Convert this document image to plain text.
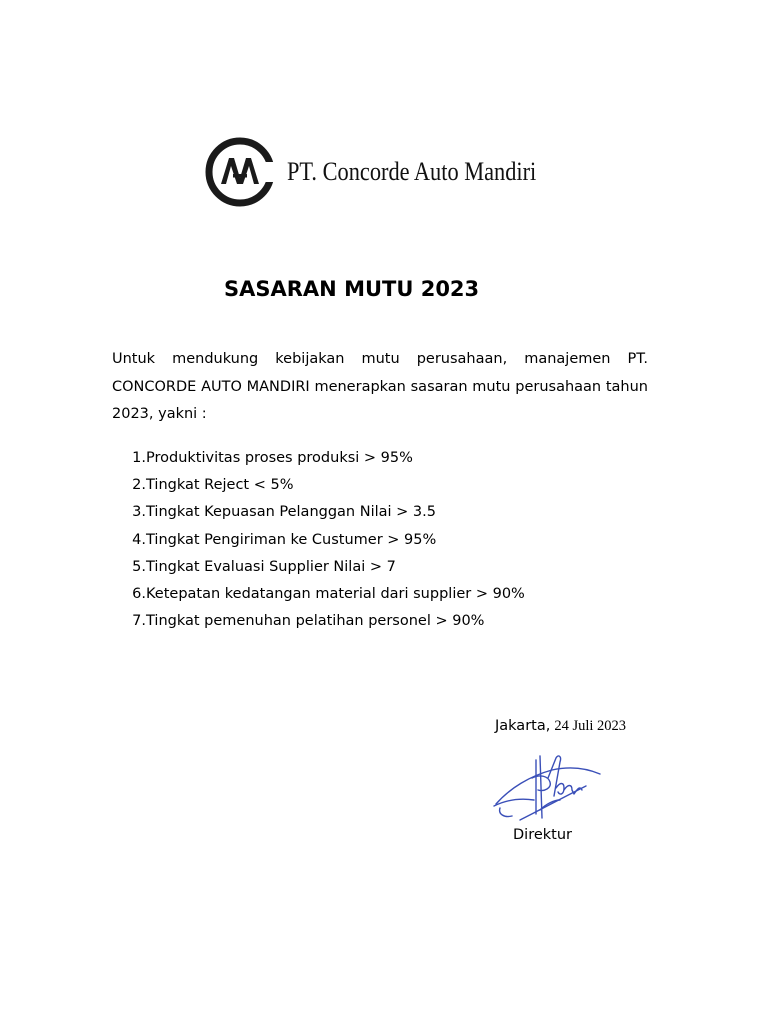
PT. Concorde Auto Mandiri
SASARAN MUTU 2023

Untuk mendukung kebijakan mutu perusahaan, manajemen PT. CONCORDE AUTO MANDIRI menerapkan sasaran mutu perusahaan tahun 2023, yakni :

1. Produktivitas proses produksi > 95%
2. Tingkat Reject < 5%
3. Tingkat Kepuasan Pelanggan Nilai > 3.5
4. Tingkat Pengiriman ke Custumer > 95%
5. Tingkat Evaluasi Supplier Nilai > 7
6. Ketepatan kedatangan material dari supplier > 90%
7. Tingkat pemenuhan pelatihan personel > 90%
Jakarta, 24 Juli 2023
Direktur
